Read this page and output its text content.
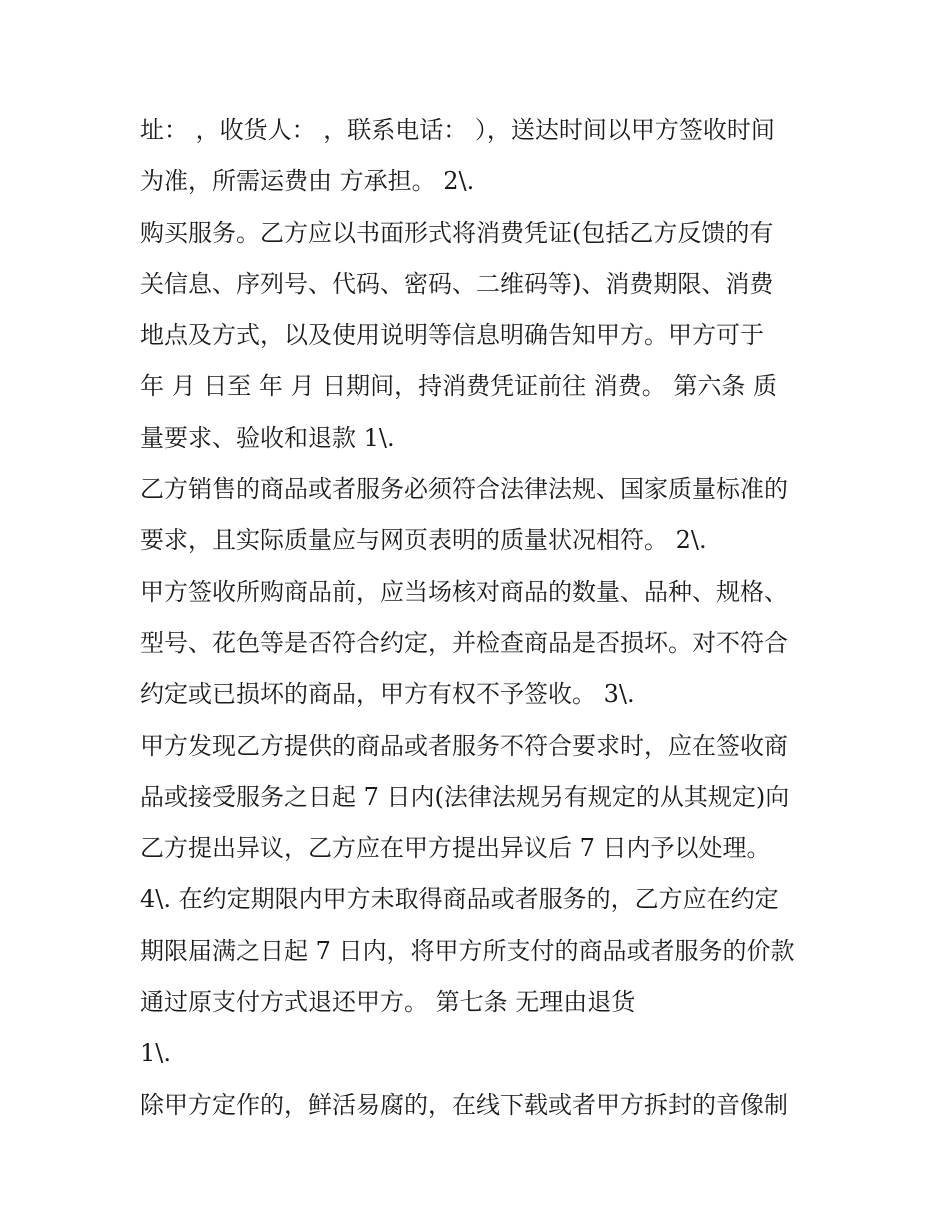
址： ，收货人： ，联系电话： ），送达时间以甲方签收时间
为准，所需运费由 方承担。 2\.
购买服务。乙方应以书面形式将消费凭证(包括乙方反馈的有
关信息、序列号、代码、密码、二维码等)、消费期限、消费
地点及方式，以及使用说明等信息明确告知甲方。甲方可于
年 月 日至 年 月 日期间，持消费凭证前往 消费。 第六条 质
量要求、验收和退款 1\.
乙方销售的商品或者服务必须符合法律法规、国家质量标准的
要求，且实际质量应与网页表明的质量状况相符。 2\.
甲方签收所购商品前，应当场核对商品的数量、品种、规格、
型号、花色等是否符合约定，并检查商品是否损坏。对不符合
约定或已损坏的商品，甲方有权不予签收。 3\.
甲方发现乙方提供的商品或者服务不符合要求时，应在签收商
品或接受服务之日起 7 日内(法律法规另有规定的从其规定)向
乙方提出异议，乙方应在甲方提出异议后 7 日内予以处理。
4\. 在约定期限内甲方未取得商品或者服务的，乙方应在约定
期限届满之日起 7 日内，将甲方所支付的商品或者服务的价款
通过原支付方式退还甲方。 第七条 无理由退货
1\.
除甲方定作的，鲜活易腐的，在线下载或者甲方拆封的音像制
